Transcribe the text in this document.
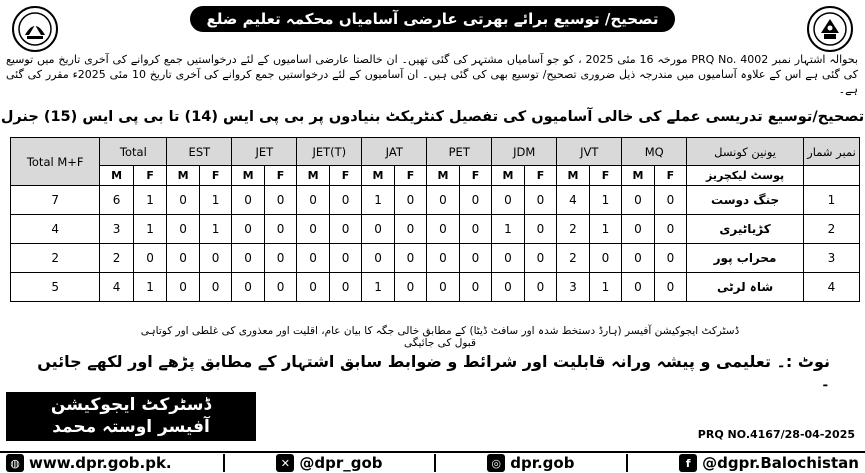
تصحیح/ توسیع برائے بھرتی عارضی آسامیاں محکمہ تعلیم ضلع اوستہ محمد
بحوالہ اشتہار نمبر PRQ No. 4002 مورخہ 16 مئی 2025 ، کو جو آسامیاں مشتہر کی گئی تھیں۔ ان خالصتا عارضی اسامیوں کے لئے درخواستیں جمع کروانے کی آخری تاریخ میں توسیع کی گئی ہے اس کے علاوہ آسامیوں میں مندرجہ ذیل ضروری تصحیح/ توسیع بھی کی گئی ہیں۔ ان آسامیوں کے لئے درخواستیں جمع کروانے کی آخری تاریخ 10 مئی 2025ء مقرر کی گئی ہے۔
تصحیح/توسیع تدریسی عملے کی خالی آسامیوں کی تفصیل کنٹریکٹ بنیادوں پر بی پی ایس (14) تا بی پی ایس (15) جنرل
Total M+F	Total		EST		JET		JET(T)		JAT		PET		JDM		JVT		MQ		یونین کونسل	نمبر شمار
	M	F	M	F	M	F	M	F	M	F	M	F	M	F	M	F	M	F	پوسٹ لیکچریز	
7	6	1	0	1	0	0	0	0	1	0	0	0	0	0	4	1	0	0	جنگ دوست	1
4	3	1	0	1	0	0	0	0	0	0	0	0	1	0	2	1	0	0	کڑیاٹیری	2
2	2	0	0	0	0	0	0	0	0	0	0	0	0	0	2	0	0	0	محراب پور	3
5	4	1	0	0	0	0	0	0	1	0	0	0	0	0	3	1	0	0	شاہ لرٹی	4
ڈسٹرکٹ ایجوکیشن آفیسر (ہارڈ دستخط شدہ اور سافٹ ڈیٹا) کے مطابق خالی جگہ کا بیان عام، اقلیت اور معذوری کی غلطی اور کوتاہی قبول کی جائیگی
نوٹ :۔ تعلیمی و پیشہ ورانہ قابلیت اور شرائط و ضوابط سابق اشتہار کے مطابق پڑھے اور لکھے جائیں ۔
ڈسٹرکٹ ایجوکیشن
آفیسر اوستہ محمد	PRQ NO.4167/28-04-2025
◍ www.dpr.gob.pk.	✕ @dpr_gob	◎ dpr.gob	f @dgpr.Balochistan
